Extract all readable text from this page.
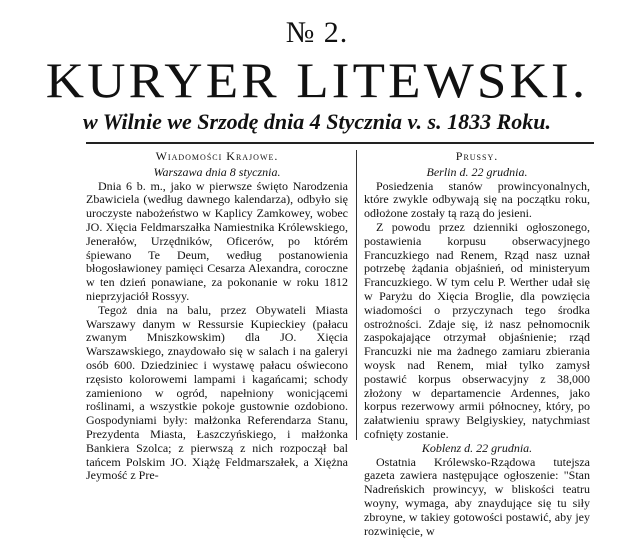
№ 2.
KURYER LITEWSKI.
w Wilnie we Srzodę dnia 4 Stycznia v. s. 1833 Roku.
Wiadomości Krajowe.
Warszawa dnia 8 stycznia.

Dnia 6 b. m., jako w pierwsze święto Narodzenia Zbawiciela (według dawnego kalendarza), odbyło się uroczyste nabożeństwo w Kaplicy Zamkowey, wobec JO. Xięcia Feldmarszałka Namiestnika Królewskiego, Jenerałów, Urzędników, Oficerów, po którém śpiewano Te Deum, według postanowienia błogosławioney pamięci Cesarza Alexandra, coroczne w ten dzień ponawiane, za pokonanie w roku 1812 nieprzyjaciół Rossyy.

Tegoż dnia na balu, przez Obywateli Miasta Warszawy danym w Ressursie Kupieckiey (pałacu zwanym Mniszkowskim) dla JO. Xięcia Warszawskiego, znaydowało się w salach i na galeryi osób 600. Dziedziniec i wystawę pałacu oświecono rzęsisto kolorowemi lampami i kagańcami; schody zamieniono w ogród, napełniony wonicjącemi roślinami, a wszystkie pokoje gustownie ozdobiono. Gospodyniami były: małżonka Referendarza Stanu, Prezydenta Miasta, Łaszczyńskiego, i małżonka Bankiera Szolca; z pierwszą z nich rozpoczął bal tańcem Polskim JO. Xiążę Feldmarszałek, a Xiężna Jeymość z Pre-

Prussy.
Berlin d. 22 grudnia.

Posiedzenia stanów prowincyonalnych, które zwykle odbywają się na początku roku, odłożone zostały tą razą do jesieni.

Z powodu przez dzienniki ogłoszonego, postawienia korpusu obserwacyjnego Francuzkiego nad Renem, Rząd nasz uznał potrzebę żądania objaśnień, od ministeryum Francuzkiego. W tym celu P. Werther udał się w Paryżu do Xięcia Broglie, dla powzięcia wiadomości o przyczynach tego środka ostrożności. Zdaje się, iż nasz pełnomocnik zaspokajające otrzymał objaśnienie; rząd Francuzki nie ma żadnego zamiaru zbierania woysk nad Renem, miał tylko zamysł postawić korpus obserwacyjny z 38,000 złożony w departamencie Ardennes, jako korpus rezerwowy armii północney, który, po załatwieniu sprawy Belgiyskiey, natychmiast cofnięty zostanie.

Koblenz d. 22 grudnia.

Ostatnia Królewsko-Rządowa tutejsza gazeta zawiera następujące ogłoszenie: "Stan Nadreńskich prowincyy, w bliskości teatru woyny, wymaga, aby znaydujące się tu siły zbroyne, w takiey gotowości postawić, aby jey rozwinięcie, w
